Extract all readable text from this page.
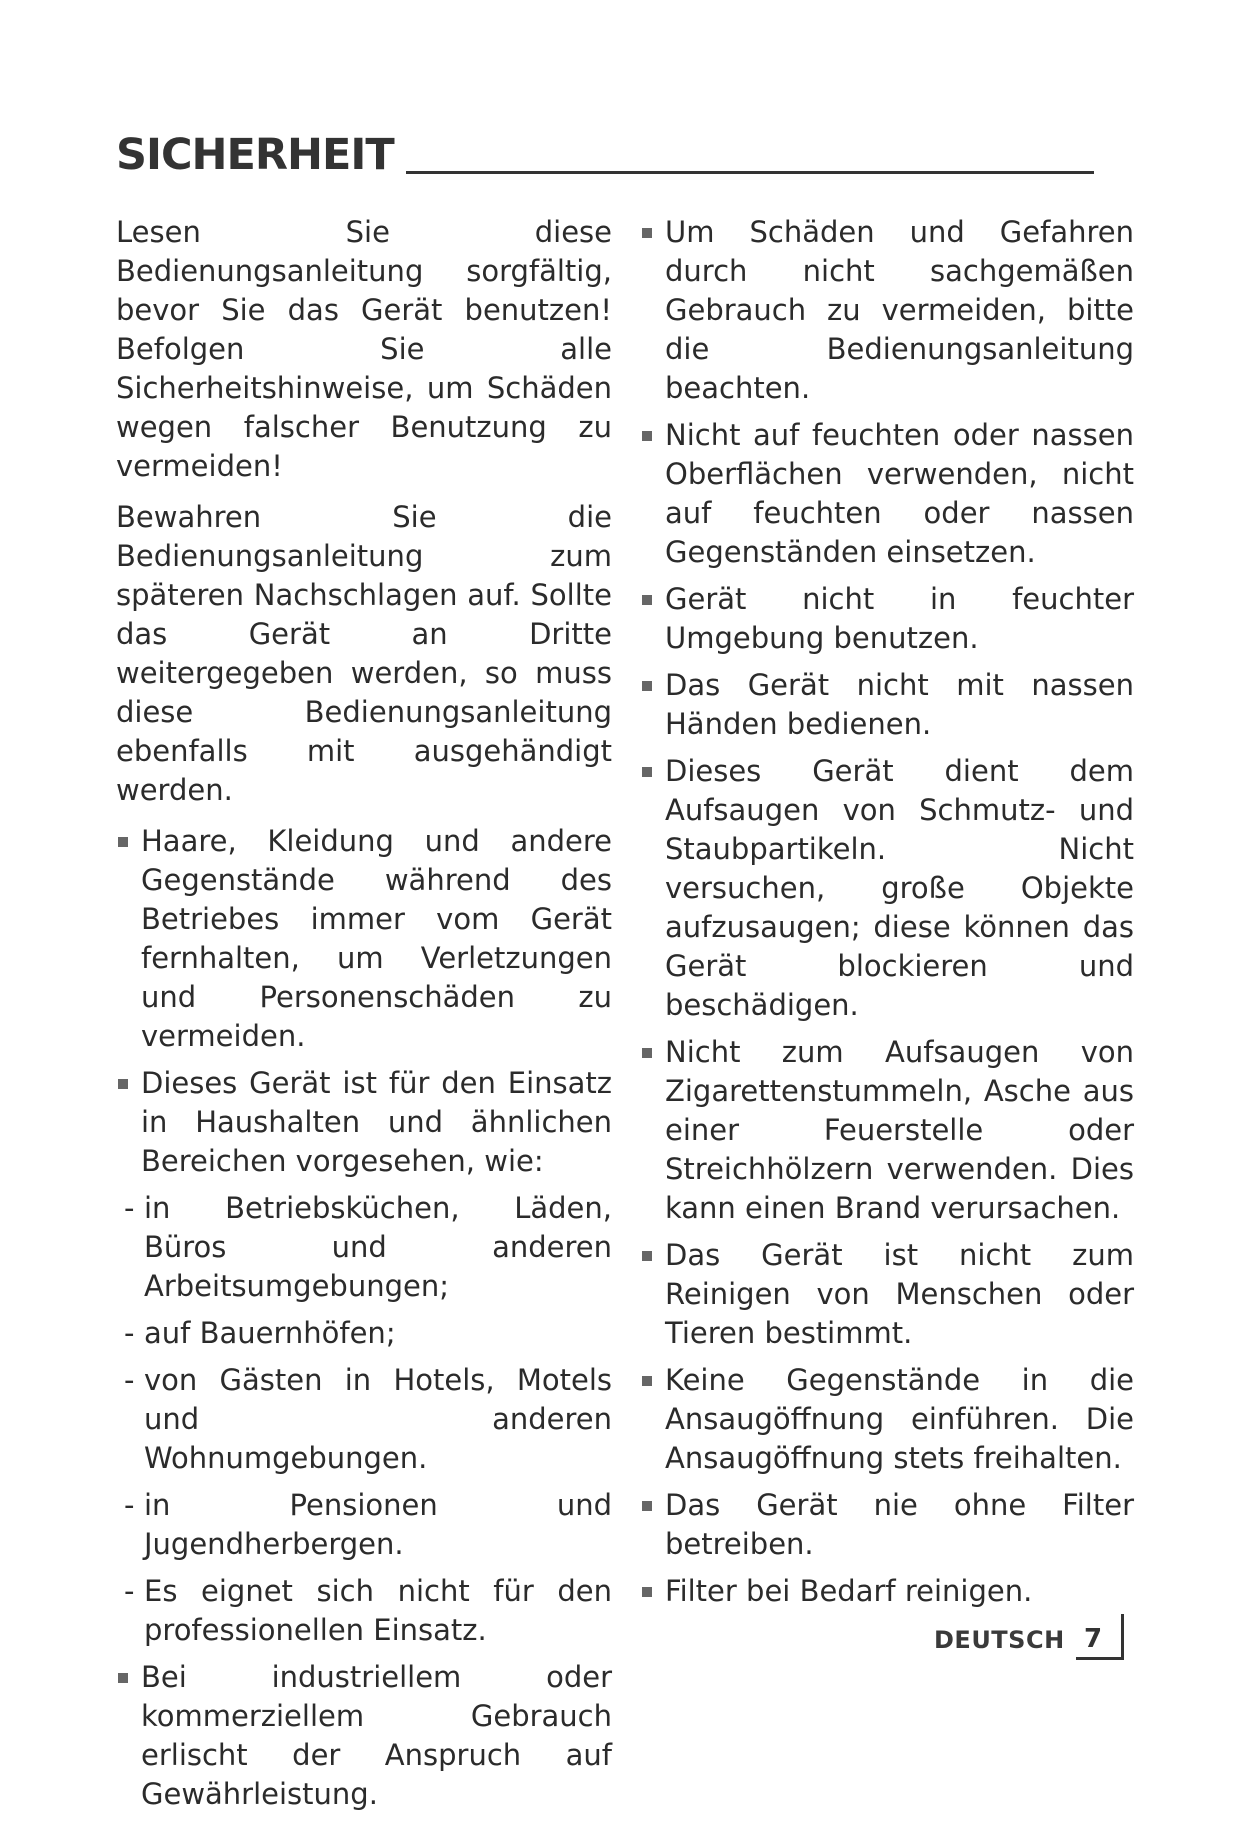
SICHERHEIT

Lesen Sie diese Bedienungsanleitung sorgfältig, bevor Sie das Gerät benutzen! Befolgen Sie alle Sicherheitshinweise, um Schäden wegen falscher Benutzung zu vermeiden!

Bewahren Sie die Bedienungsanleitung zum späteren Nachschlagen auf. Sollte das Gerät an Dritte weitergegeben werden, so muss diese Bedienungsanleitung ebenfalls mit ausgehändigt werden.

Haare, Kleidung und andere Gegenstände während des Betriebes immer vom Gerät fernhalten, um Verletzungen und Personenschäden zu vermeiden.
Dieses Gerät ist für den Einsatz in Haushalten und ähnlichen Bereichen vorgesehen, wie:
- in Betriebsküchen, Läden, Büros und anderen Arbeitsumgebungen;
- auf Bauernhöfen;
- von Gästen in Hotels, Motels und anderen Wohnumgebungen.
- in Pensionen und Jugendherbergen.
- Es eignet sich nicht für den professionellen Einsatz.
Bei industriellem oder kommerziellem Gebrauch erlischt der Anspruch auf Gewährleistung.
Um Schäden und Gefahren durch nicht sachgemäßen Gebrauch zu vermeiden, bitte die Bedienungsanleitung beachten.
Nicht auf feuchten oder nassen Oberflächen verwenden, nicht auf feuchten oder nassen Gegenständen einsetzen.
Gerät nicht in feuchter Umgebung benutzen.
Das Gerät nicht mit nassen Händen bedienen.
Dieses Gerät dient dem Aufsaugen von Schmutz- und Staubpartikeln. Nicht versuchen, große Objekte aufzusaugen; diese können das Gerät blockieren und beschädigen.
Nicht zum Aufsaugen von Zigarettenstummeln, Asche aus einer Feuerstelle oder Streichhölzern verwenden. Dies kann einen Brand verursachen.
Das Gerät ist nicht zum Reinigen von Menschen oder Tieren bestimmt.
Keine Gegenstände in die Ansaugöffnung einführen. Die Ansaugöffnung stets freihalten.
Das Gerät nie ohne Filter betreiben.
Filter bei Bedarf reinigen.
DEUTSCH 7
